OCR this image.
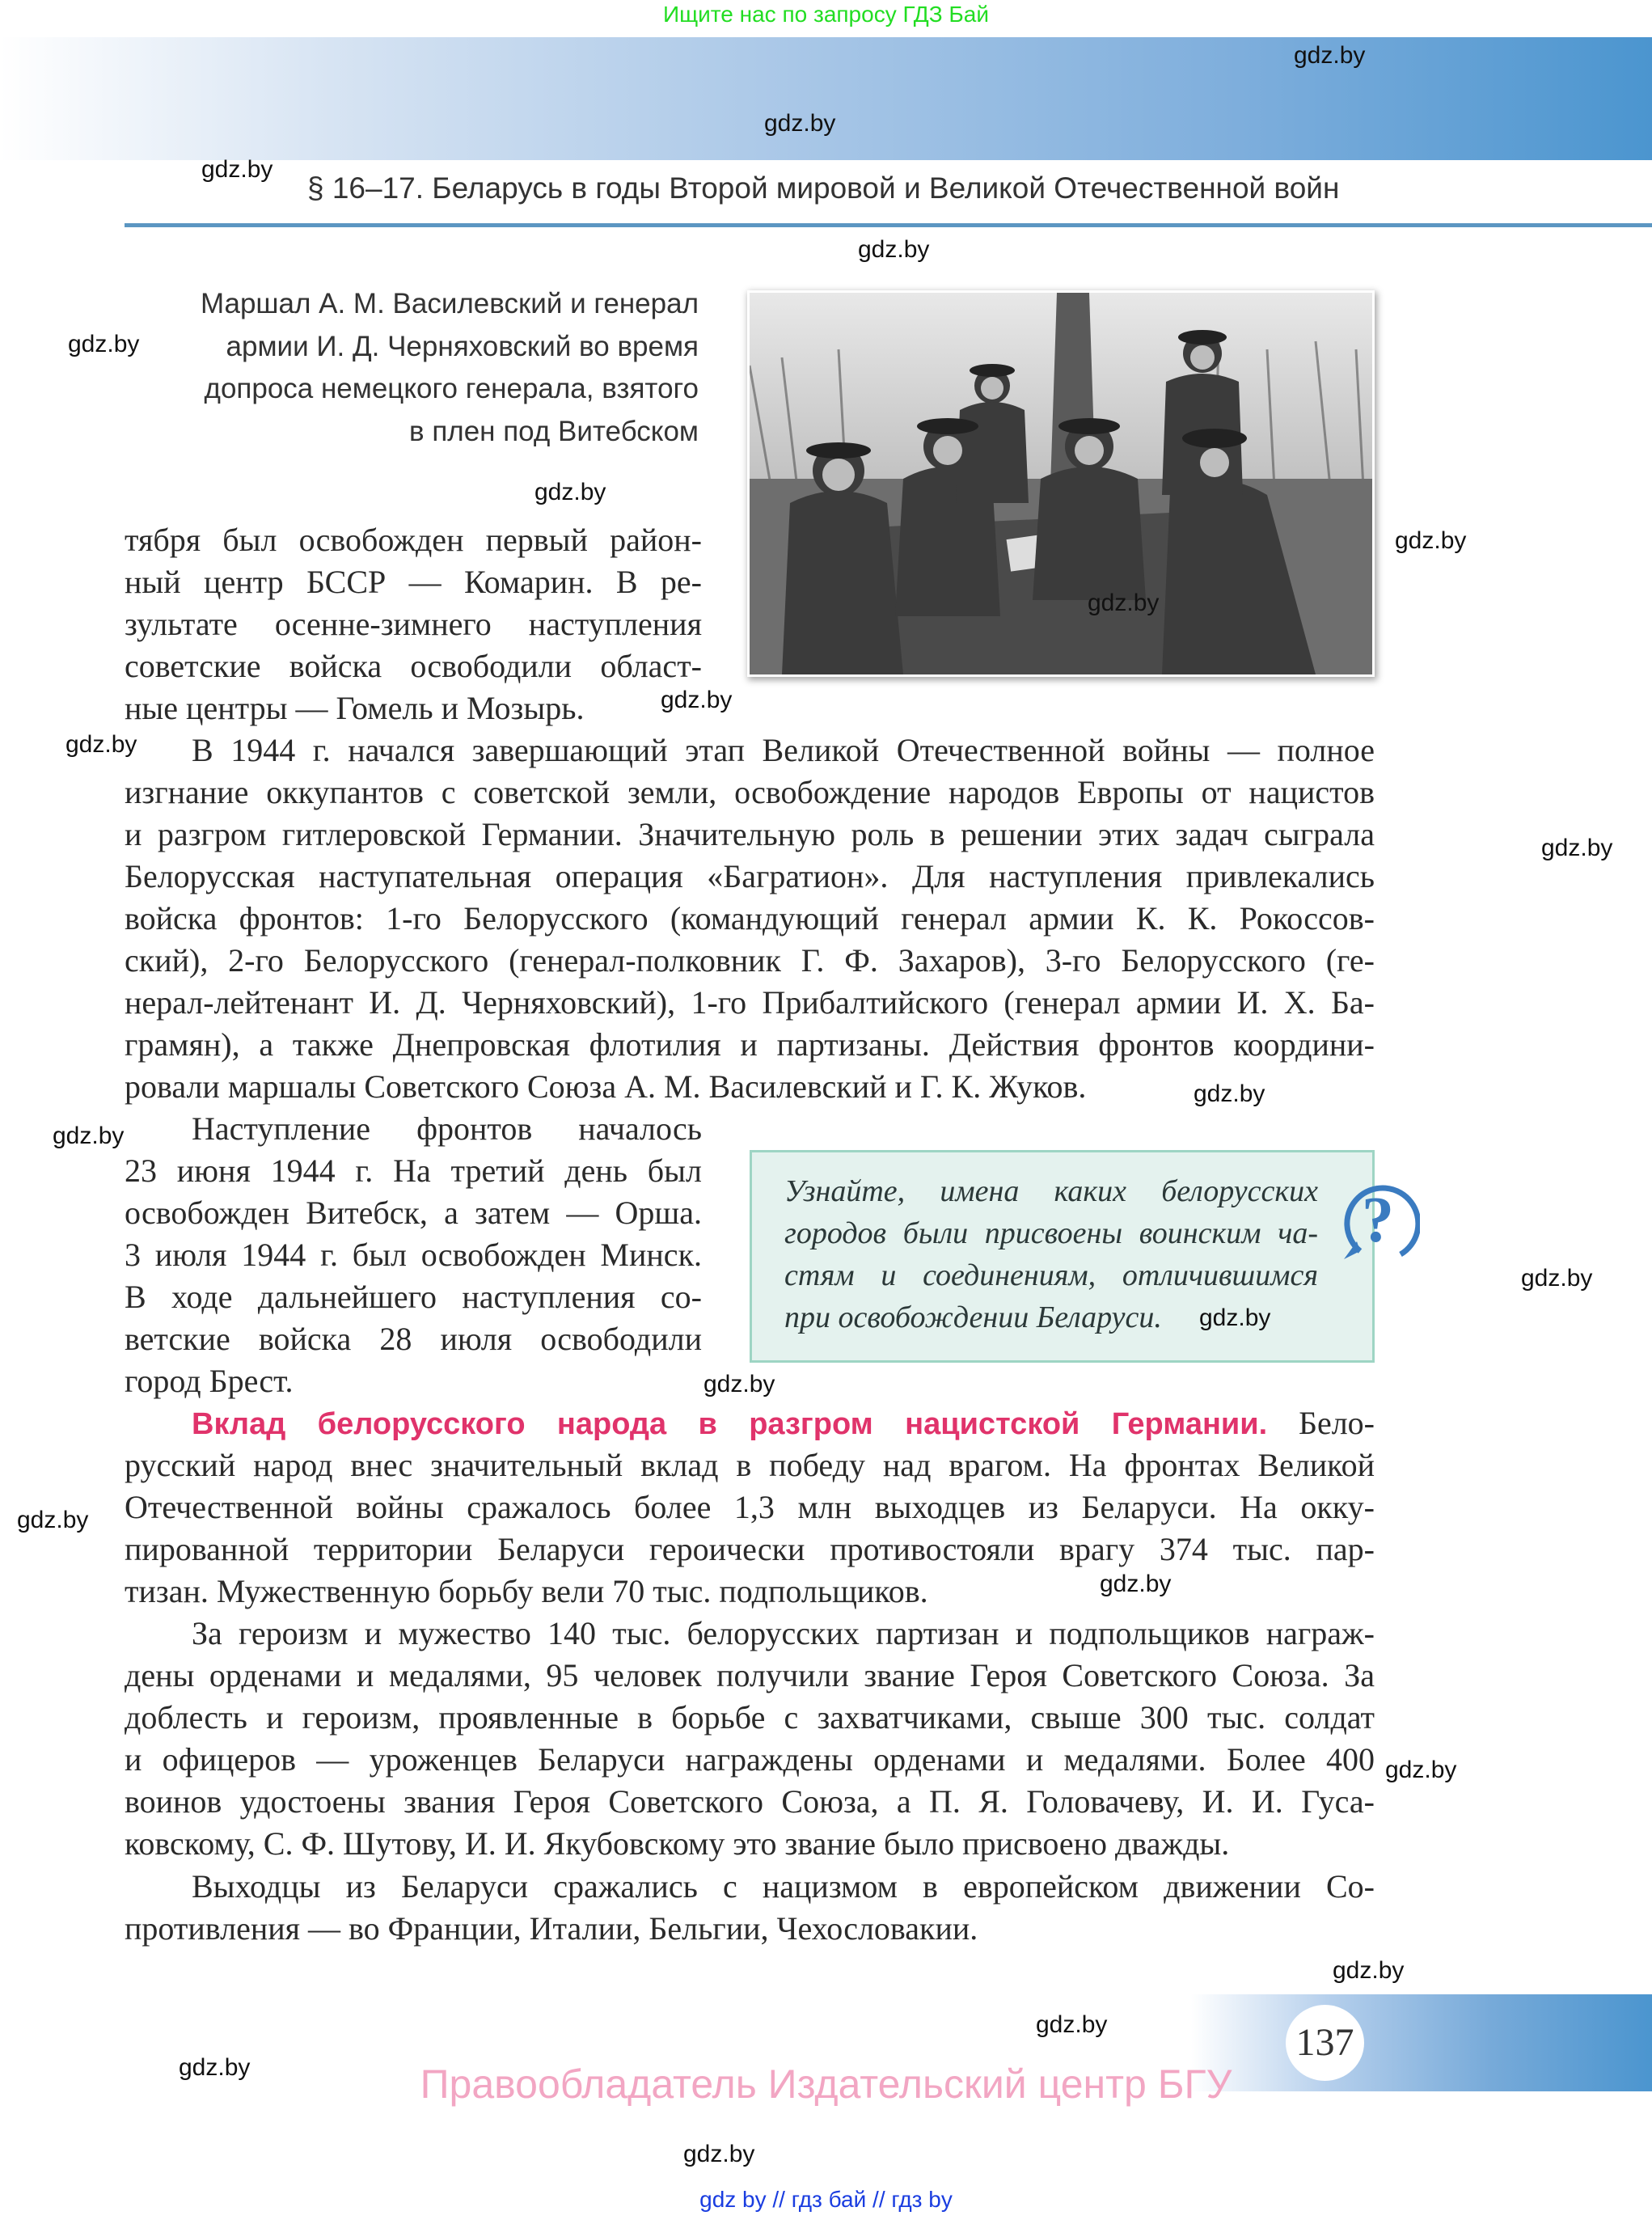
Ищите нас по запросу ГДЗ Бай
§ 16–17. Беларусь в годы Второй мировой и Великой Отечественной войн
Маршал А. М. Василевский и генерал
армии И. Д. Черняховский во время
допроса немецкого генерала, взятого
в плен под Витебском
тября был освобожден первый район-
ный центр БССР — Комарин. В ре-
зультате осенне-зимнего наступления
советские войска освободили област-
ные центры — Гомель и Мозырь.
В 1944 г. начался завершающий этап Великой Отечественной войны — полное
изгнание оккупантов с советской земли, освобождение народов Европы от нацистов
и разгром гитлеровской Германии. Значительную роль в решении этих задач сыграла
Белорусская наступательная операция «Багратион». Для наступления привлекались
войска фронтов: 1-го Белорусского (командующий генерал армии К. К. Рокоссов-
ский), 2-го Белорусского (генерал-полковник Г. Ф. Захаров), 3-го Белорусского (ге-
нерал-лейтенант И. Д. Черняховский), 1-го Прибалтийского (генерал армии И. Х. Ба-
грамян), а также Днепровская флотилия и партизаны. Действия фронтов координи-
ровали маршалы Советского Союза А. М. Василевский и Г. К. Жуков.
Наступление фронтов началось
23 июня 1944 г. На третий день был
освобожден Витебск, а затем — Орша.
3 июля 1944 г. был освобожден Минск.
В ходе дальнейшего наступления со-
ветские войска 28 июля освободили
город Брест.
Вклад белорусского народа в разгром нацистской Германии. Бело-
русский народ внес значительный вклад в победу над врагом. На фронтах Великой
Отечественной войны сражалось более 1,3 млн выходцев из Беларуси. На окку-
пированной территории Беларуси героически противостояли врагу 374 тыс. пар-
тизан. Мужественную борьбу вели 70 тыс. подпольщиков.
За героизм и мужество 140 тыс. белорусских партизан и подпольщиков награж-
дены орденами и медалями, 95 человек получили звание Героя Советского Союза. За
доблесть и героизм, проявленные в борьбе с захватчиками, свыше 300 тыс. солдат
и офицеров — уроженцев Беларуси награждены орденами и медалями. Более 400
воинов удостоены звания Героя Советского Союза, а П. Я. Головачеву, И. И. Гуса-
ковскому, С. Ф. Шутову, И. И. Якубовскому это звание было присвоено дважды.
Выходцы из Беларуси сражались с нацизмом в европейском движении Со-
противления — во Франции, Италии, Бельгии, Чехословакии.
Узнайте, имена каких белорусских
городов были присвоены воинским ча-
стям и соединениям, отличившимся
при освобождении Беларуси.
?
137
Правообладатель Издательский центр БГУ
gdz by // гдз бай // гдз by
gdz.by
gdz.by
gdz.by
gdz.by
gdz.by
gdz.by
gdz.by
gdz.by
gdz.by
gdz.by
gdz.by
gdz.by
gdz.by
gdz.by
gdz.by
gdz.by
gdz.by
gdz.by
gdz.by
gdz.by
gdz.by
gdz.by
gdz.by
